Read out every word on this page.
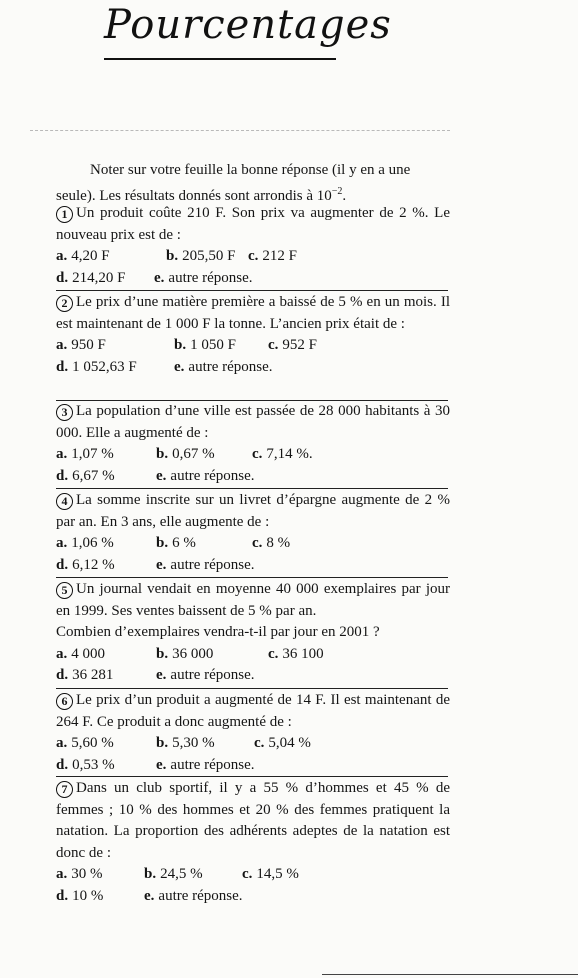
Pourcentages
Noter sur votre feuille la bonne réponse (il y en a une seule). Les résultats donnés sont arrondis à $10^{-2}$.
1 Un produit coûte 210 F. Son prix va augmenter de 2 %. Le nouveau prix est de :
a. 4,20 F	b. 205,50 F c. 212 F
d. 214,20 F e. autre réponse.
2 Le prix d’une matière première a baissé de 5 % en un mois. Il est maintenant de 1 000 F la tonne. L’ancien prix était de :
a. 950 F	b. 1 050 F c. 952 F
d. 1 052,63 F e. autre réponse.
3 La population d’une ville est passée de 28 000 habitants à 30 000. Elle a augmenté de :
a. 1,07 %	b. 0,67 % c. 7,14 %.
d. 6,67 %	e. autre réponse.
4 La somme inscrite sur un livret d’épargne augmente de 2 % par an. En 3 ans, elle augmente de :
a. 1,06 %	b. 6 %	c. 8 %
d. 6,12 %	e. autre réponse.
5 Un journal vendait en moyenne 40 000 exemplaires par jour en 1999. Ses ventes baissent de 5 % par an.
Combien d’exemplaires vendra-t-il par jour en 2001 ?
a. 4 000	b. 36 000	c. 36 100
d. 36 281	e. autre réponse.
6 Le prix d’un produit a augmenté de 14 F. Il est maintenant de 264 F. Ce produit a donc augmenté de :
a. 5,60 %	b. 5,30 %	c. 5,04 %
d. 0,53 %	e. autre réponse.
7 Dans un club sportif, il y a 55 % d’hommes et 45 % de femmes ; 10 % des hommes et 20 % des femmes pratiquent la natation. La proportion des adhérents adeptes de la natation est donc de :
a. 30 %	b. 24,5 %	c. 14,5 %
d. 10 %	e. autre réponse.
